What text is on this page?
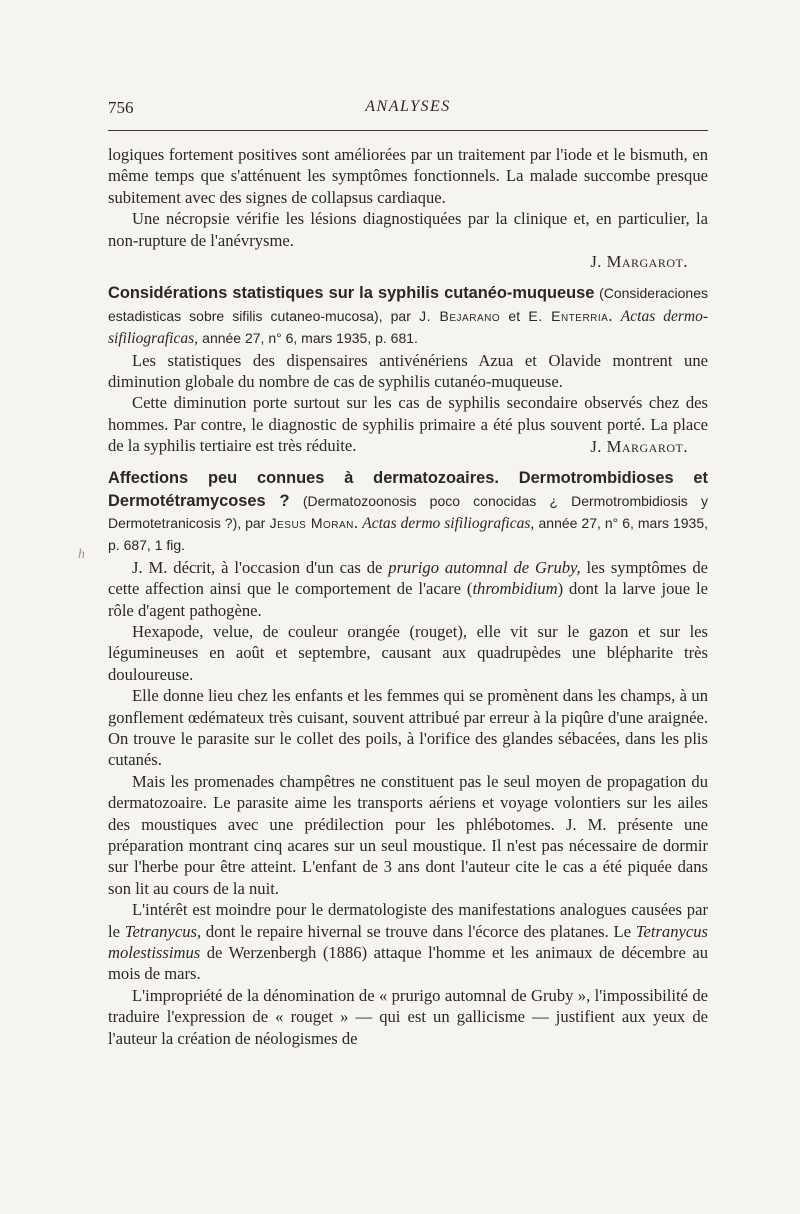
756	ANALYSES
h

logiques fortement positives sont améliorées par un traitement par l'iode et le bismuth, en même temps que s'atténuent les symptômes fonctionnels. La malade succombe presque subitement avec des signes de collapsus cardiaque.

Une nécropsie vérifie les lésions diagnostiquées par la clinique et, en particulier, la non-rupture de l'anévrysme.

J. Margarot.

Considérations statistiques sur la syphilis cutanéo-muqueuse (Consideraciones estadisticas sobre sifilis cutaneo-mucosa), par J. Bejarano et E. Enterria. Actas dermo-sifiliograficas, année 27, n° 6, mars 1935, p. 681.

Les statistiques des dispensaires antivénériens Azua et Olavide montrent une diminution globale du nombre de cas de syphilis cutanéo-muqueuse.

Cette diminution porte surtout sur les cas de syphilis secondaire observés chez des hommes. Par contre, le diagnostic de syphilis primaire a été plus souvent porté. La place de la syphilis tertiaire est très réduite.	J. Margarot.

Affections peu connues à dermatozoaires. Dermotrombidioses et Dermotétramycoses ? (Dermatozoonosis poco conocidas ¿ Dermotrombidiosis y Dermotetranicosis ?), par Jesus Moran. Actas dermo sifiliograficas, année 27, n° 6, mars 1935, p. 687, 1 fig.

J. M. décrit, à l'occasion d'un cas de prurigo automnal de Gruby, les symptômes de cette affection ainsi que le comportement de l'acare (thrombidium) dont la larve joue le rôle d'agent pathogène.

Hexapode, velue, de couleur orangée (rouget), elle vit sur le gazon et sur les légumineuses en août et septembre, causant aux quadrupèdes une blépharite très douloureuse.

Elle donne lieu chez les enfants et les femmes qui se promènent dans les champs, à un gonflement œdémateux très cuisant, souvent attribué par erreur à la piqûre d'une araignée. On trouve le parasite sur le collet des poils, à l'orifice des glandes sébacées, dans les plis cutanés.

Mais les promenades champêtres ne constituent pas le seul moyen de propagation du dermatozoaire. Le parasite aime les transports aériens et voyage volontiers sur les ailes des moustiques avec une prédilection pour les phlébotomes. J. M. présente une préparation montrant cinq acares sur un seul moustique. Il n'est pas nécessaire de dormir sur l'herbe pour être atteint. L'enfant de 3 ans dont l'auteur cite le cas a été piquée dans son lit au cours de la nuit.

L'intérêt est moindre pour le dermatologiste des manifestations analogues causées par le Tetranycus, dont le repaire hivernal se trouve dans l'écorce des platanes. Le Tetranycus molestissimus de Werzenbergh (1886) attaque l'homme et les animaux de décembre au mois de mars.

L'impropriété de la dénomination de « prurigo automnal de Gruby », l'impossibilité de traduire l'expression de « rouget » — qui est un gallicisme — justifient aux yeux de l'auteur la création de néologismes de
